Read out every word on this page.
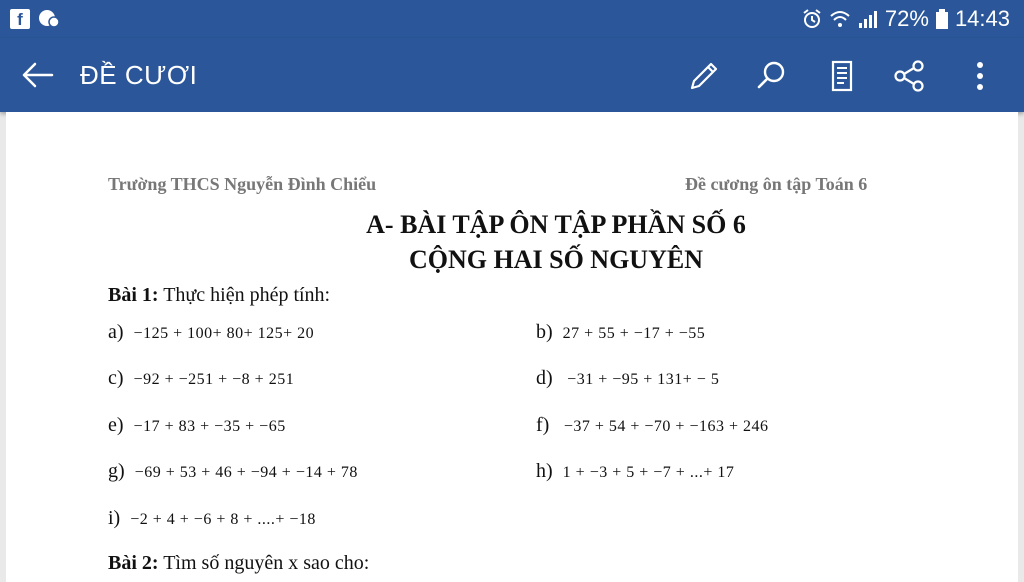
f	72% 14:43
ĐỀ CƯƠI
Trường THCS Nguyễn Đình Chiểu	Đề cương ôn tập Toán 6
A- BÀI TẬP ÔN TẬP PHẦN SỐ 6
CỘNG HAI SỐ NGUYÊN
Bài 1: Thực hiện phép tính:
a) −125 + 100+ 80+ 125+ 20	b) 27 + 55 + −17 + −55
c) −92 + −251 + −8 + 251	d) −31 + −95 + 131+ − 5
e) −17 + 83 + −35 + −65	f) −37 + 54 + −70 + −163 + 246
g) −69 + 53 + 46 + −94 + −14 + 78	h) 1 + −3 + 5 + −7 + ...+ 17
i) −2 + 4 + −6 + 8 + ....+ −18
Bài 2: Tìm số nguyên x sao cho:
